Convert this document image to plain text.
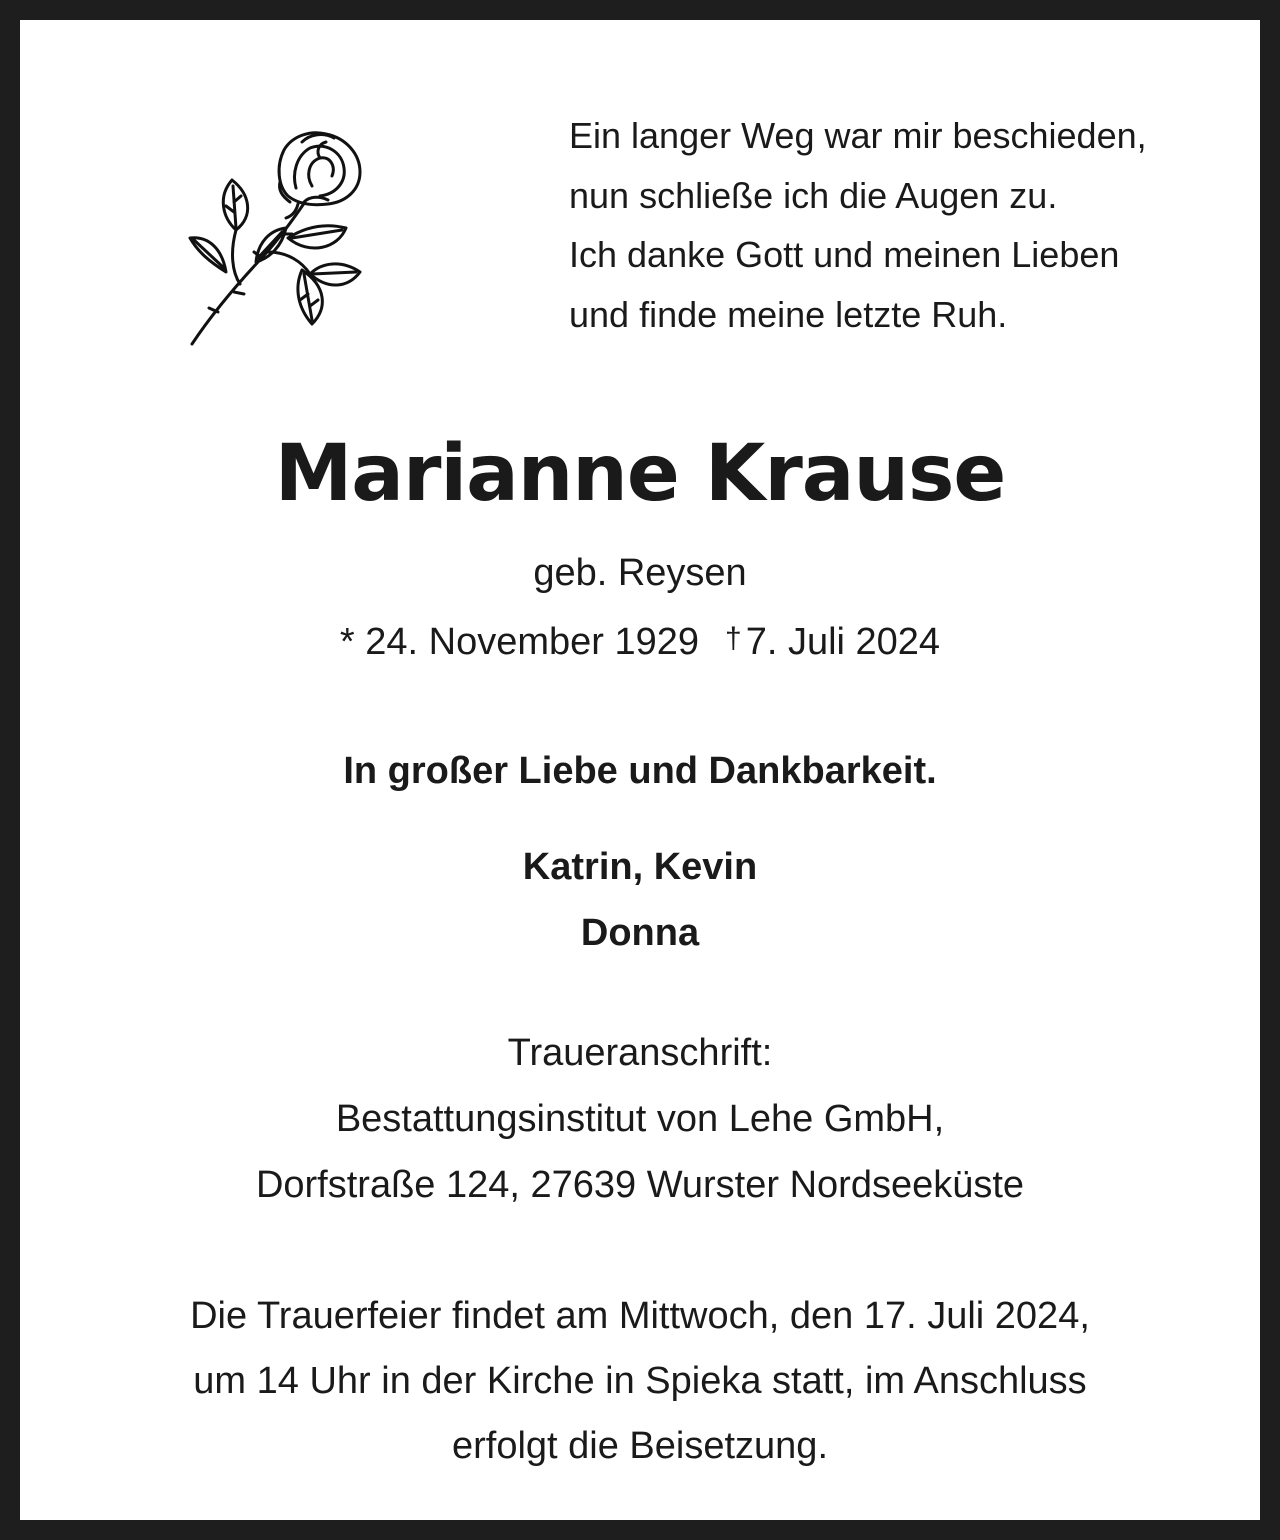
Ein langer Weg war mir beschieden,
nun schließe ich die Augen zu.
Ich danke Gott und meinen Lieben
und finde meine letzte Ruh.
Marianne Krause
geb. Reysen
* 24. November 1929 † 7. Juli 2024
In großer Liebe und Dankbarkeit.
Katrin, Kevin
Donna
Traueranschrift:
Bestattungsinstitut von Lehe GmbH,
Dorfstraße 124, 27639 Wurster Nordseeküste
Die Trauerfeier findet am Mittwoch, den 17. Juli 2024,
um 14 Uhr in der Kirche in Spieka statt, im Anschluss
erfolgt die Beisetzung.
